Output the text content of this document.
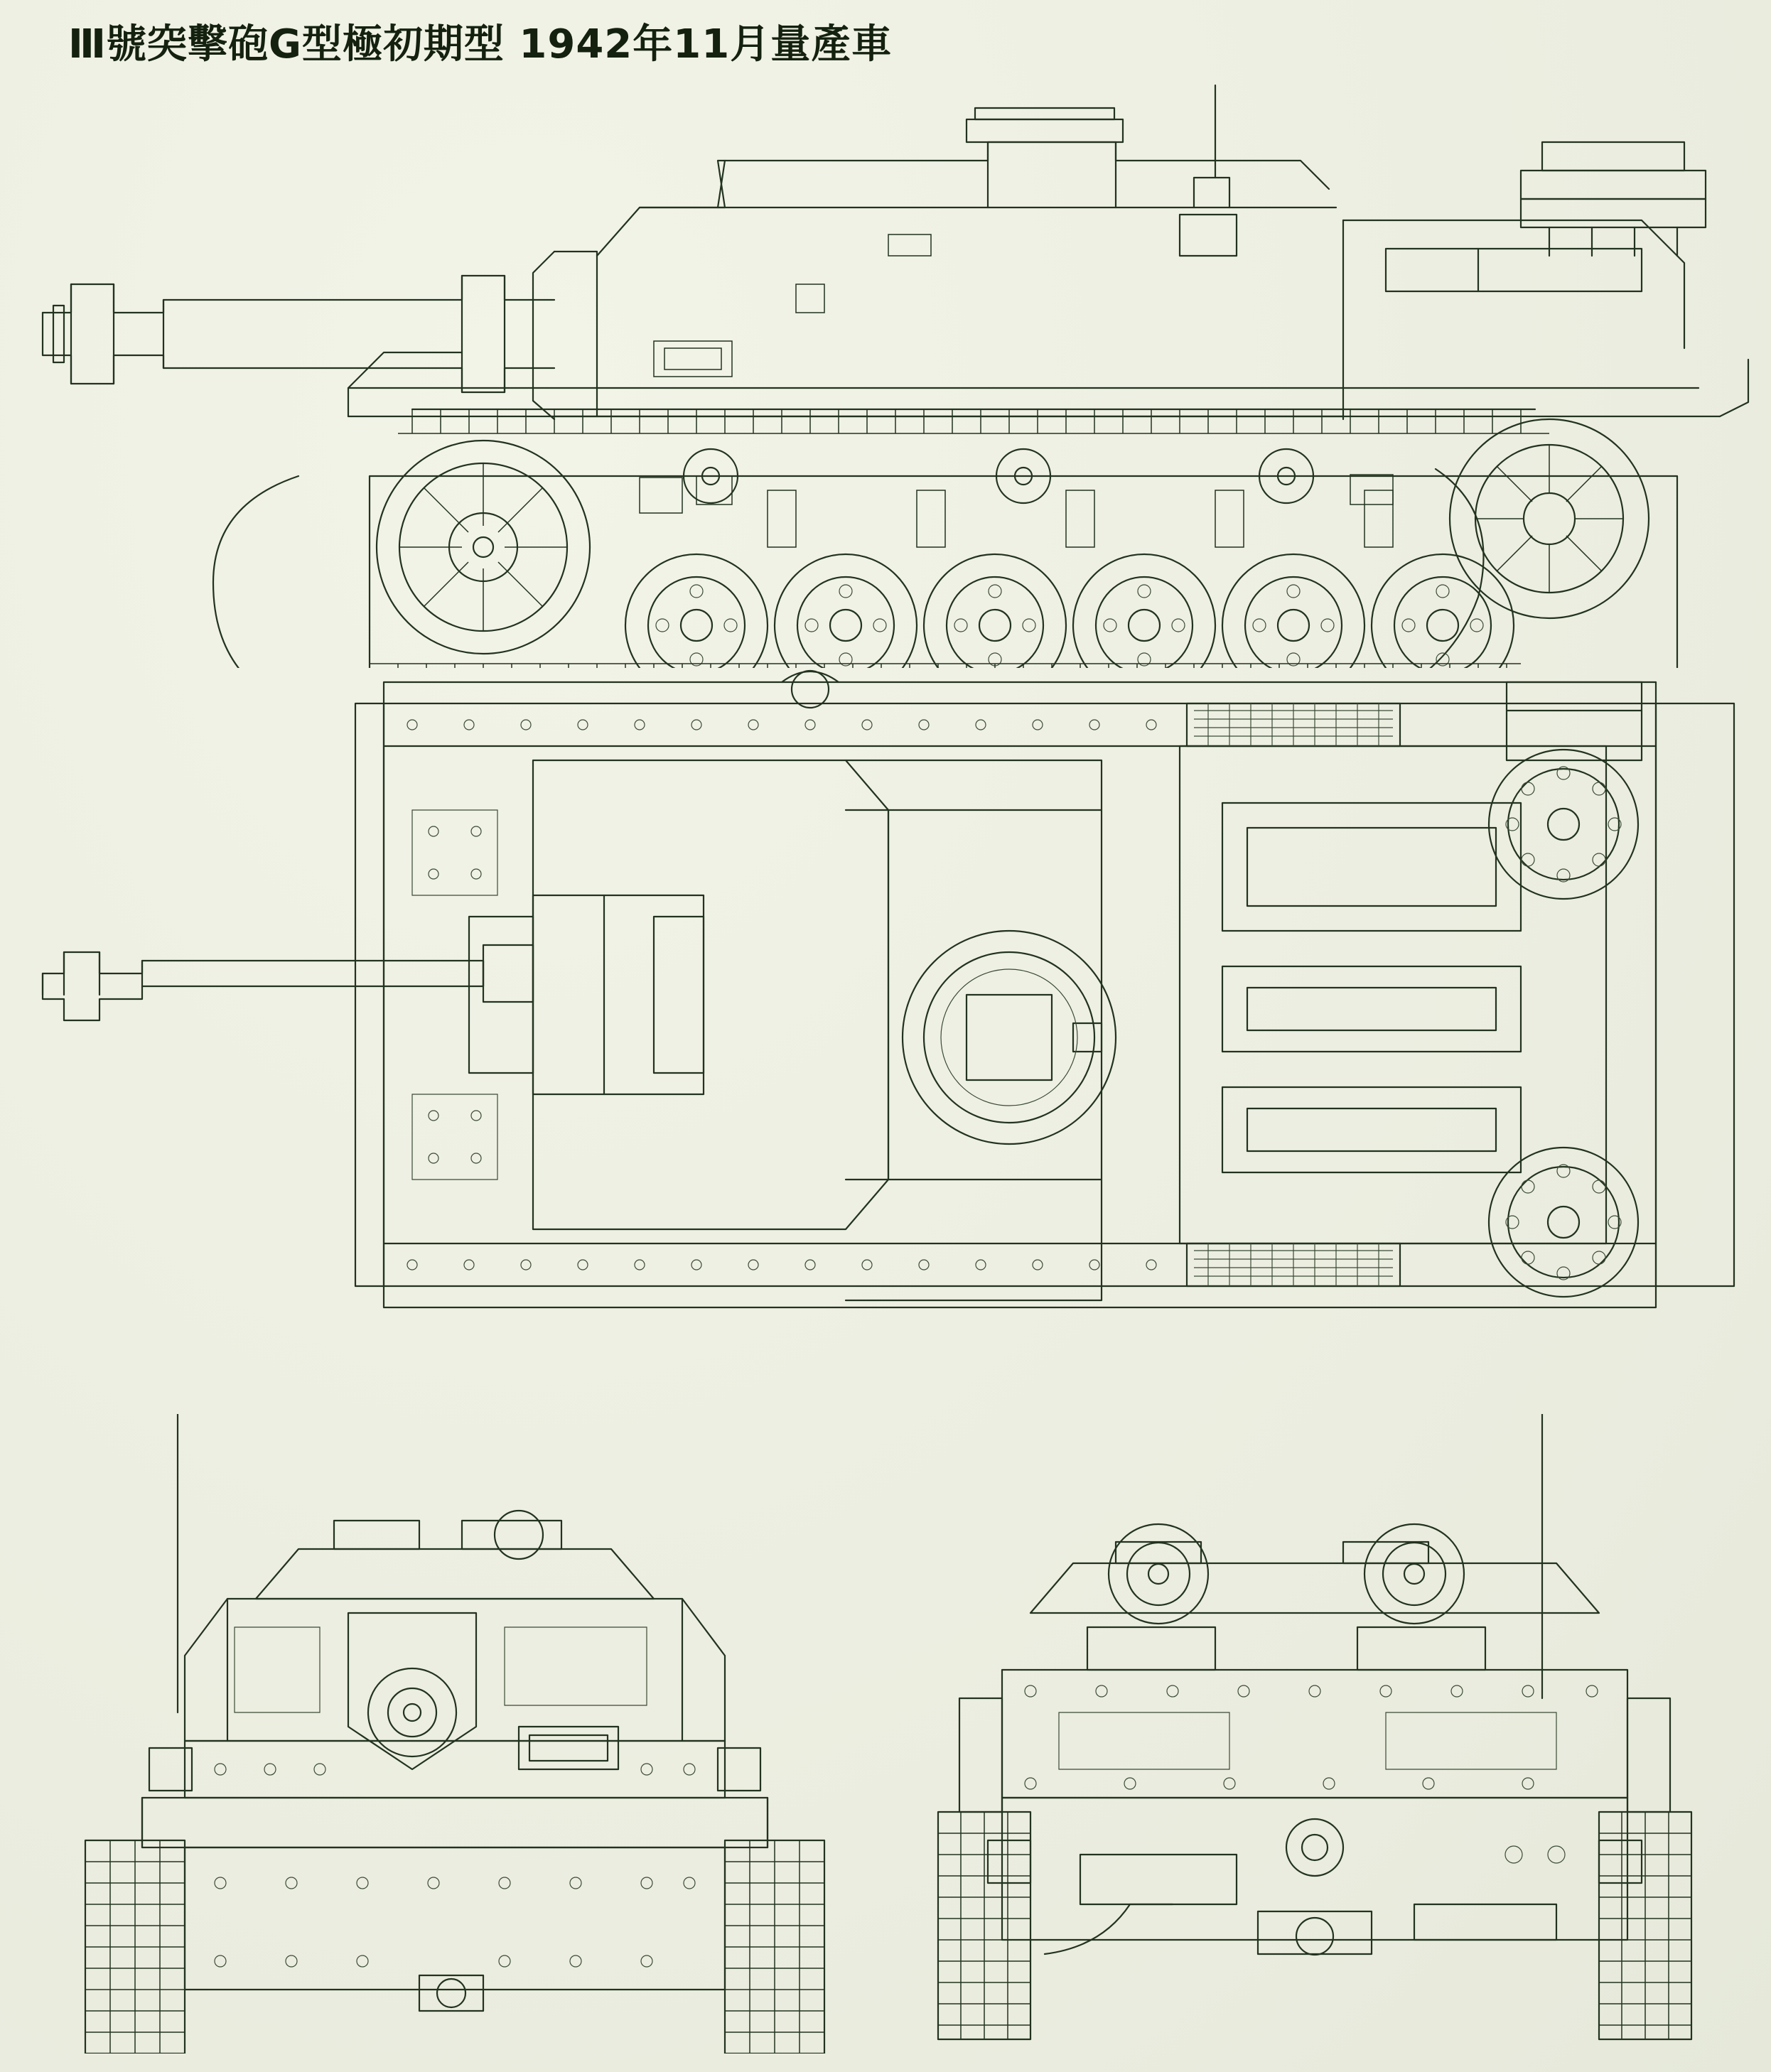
Ⅲ號突擊砲G型極初期型 1942年11月量產車
